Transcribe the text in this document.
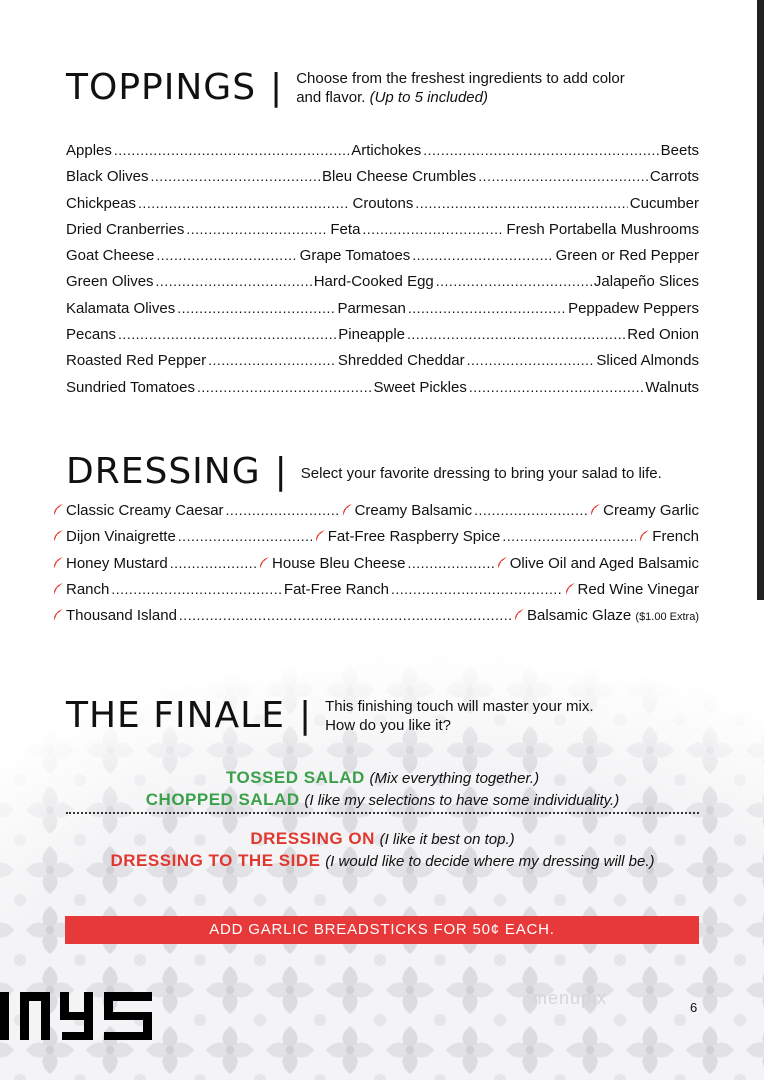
TOPPINGS | Choose from the freshest ingredients to add color and flavor. (Up to 5 included)
Apples .....	Artichokes .....	Beets
Black Olives .....	Bleu Cheese Crumbles .....	Carrots
Chickpeas .....	Croutons .....	Cucumber
Dried Cranberries .....	Feta .....	Fresh Portabella Mushrooms
Goat Cheese .....	Grape Tomatoes .....	Green or Red Pepper
Green Olives .....	Hard-Cooked Egg .....	Jalapeño Slices
Kalamata Olives .....	Parmesan .....	Peppadew Peppers
Pecans .....	Pineapple .....	Red Onion
Roasted Red Pepper .....	Shredded Cheddar .....	Sliced Almonds
Sundried Tomatoes .....	Sweet Pickles .....	Walnuts
DRESSING | Select your favorite dressing to bring your salad to life.
Classic Creamy Caesar .....	Creamy Balsamic .....	Creamy Garlic
Dijon Vinaigrette .....	Fat-Free Raspberry Spice .....	French
Honey Mustard .....	House Bleu Cheese .....	Olive Oil and Aged Balsamic
Ranch .....	Fat-Free Ranch .....	Red Wine Vinegar
Thousand Island .....	Balsamic Glaze ($1.00 Extra)
THE FINALE | This finishing touch will master your mix.
How do you like it?
TOSSED SALAD (Mix everything together.)
CHOPPED SALAD (I like my selections to have some individuality.)
DRESSING ON (I like it best on top.)
DRESSING TO THE SIDE (I would like to decide where my dressing will be.)
ADD GARLIC BREADSTICKS FOR 50¢ EACH.
menupix	6
